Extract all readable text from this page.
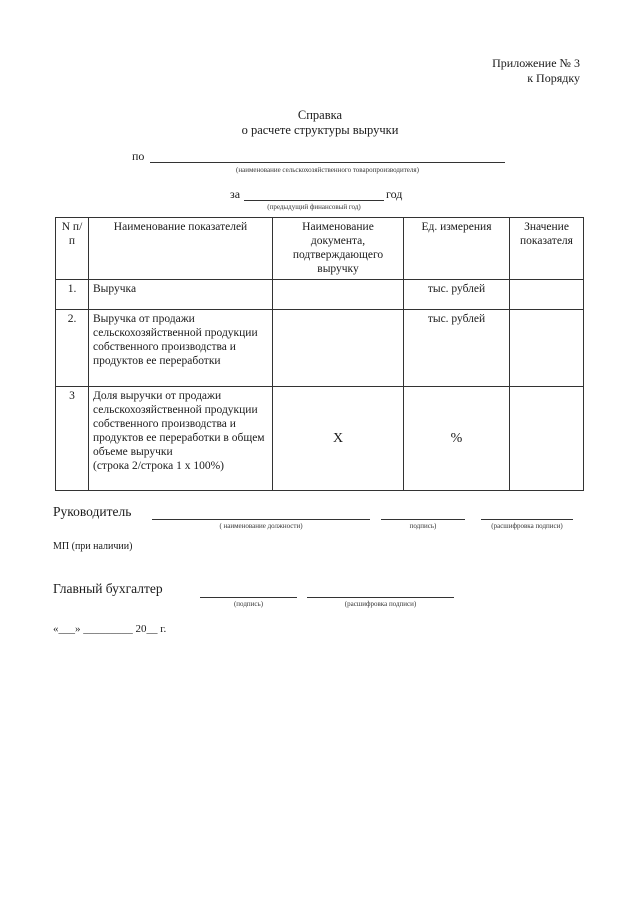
Приложение № 3
к Порядку
Справка
о расчете структуры выручки
по
(наименование сельскохозяйственного товаропроизводителя)
за	год
(предыдущий финансовый год)
N п/п	Наименование показателей	Наименование документа, подтверждающего выручку	Ед. измерения	Значение показателя
1.	Выручка		тыс. рублей	
2.	Выручка от продажи сельскохозяйственной продукции собственного производства и продуктов ее переработки		тыс. рублей	
3	Доля выручки от продажи сельскохозяйственной продукции собственного производства и продуктов ее переработки в общем объеме выручки
(строка 2/строка 1 х 100%)	X	%	
Руководитель
( наименование должности)	подпись)	(расшифровка подписи)
МП (при наличии)
Главный бухгалтер
(подпись)	(расшифровка подписи)
«___» _________ 20__ г.
